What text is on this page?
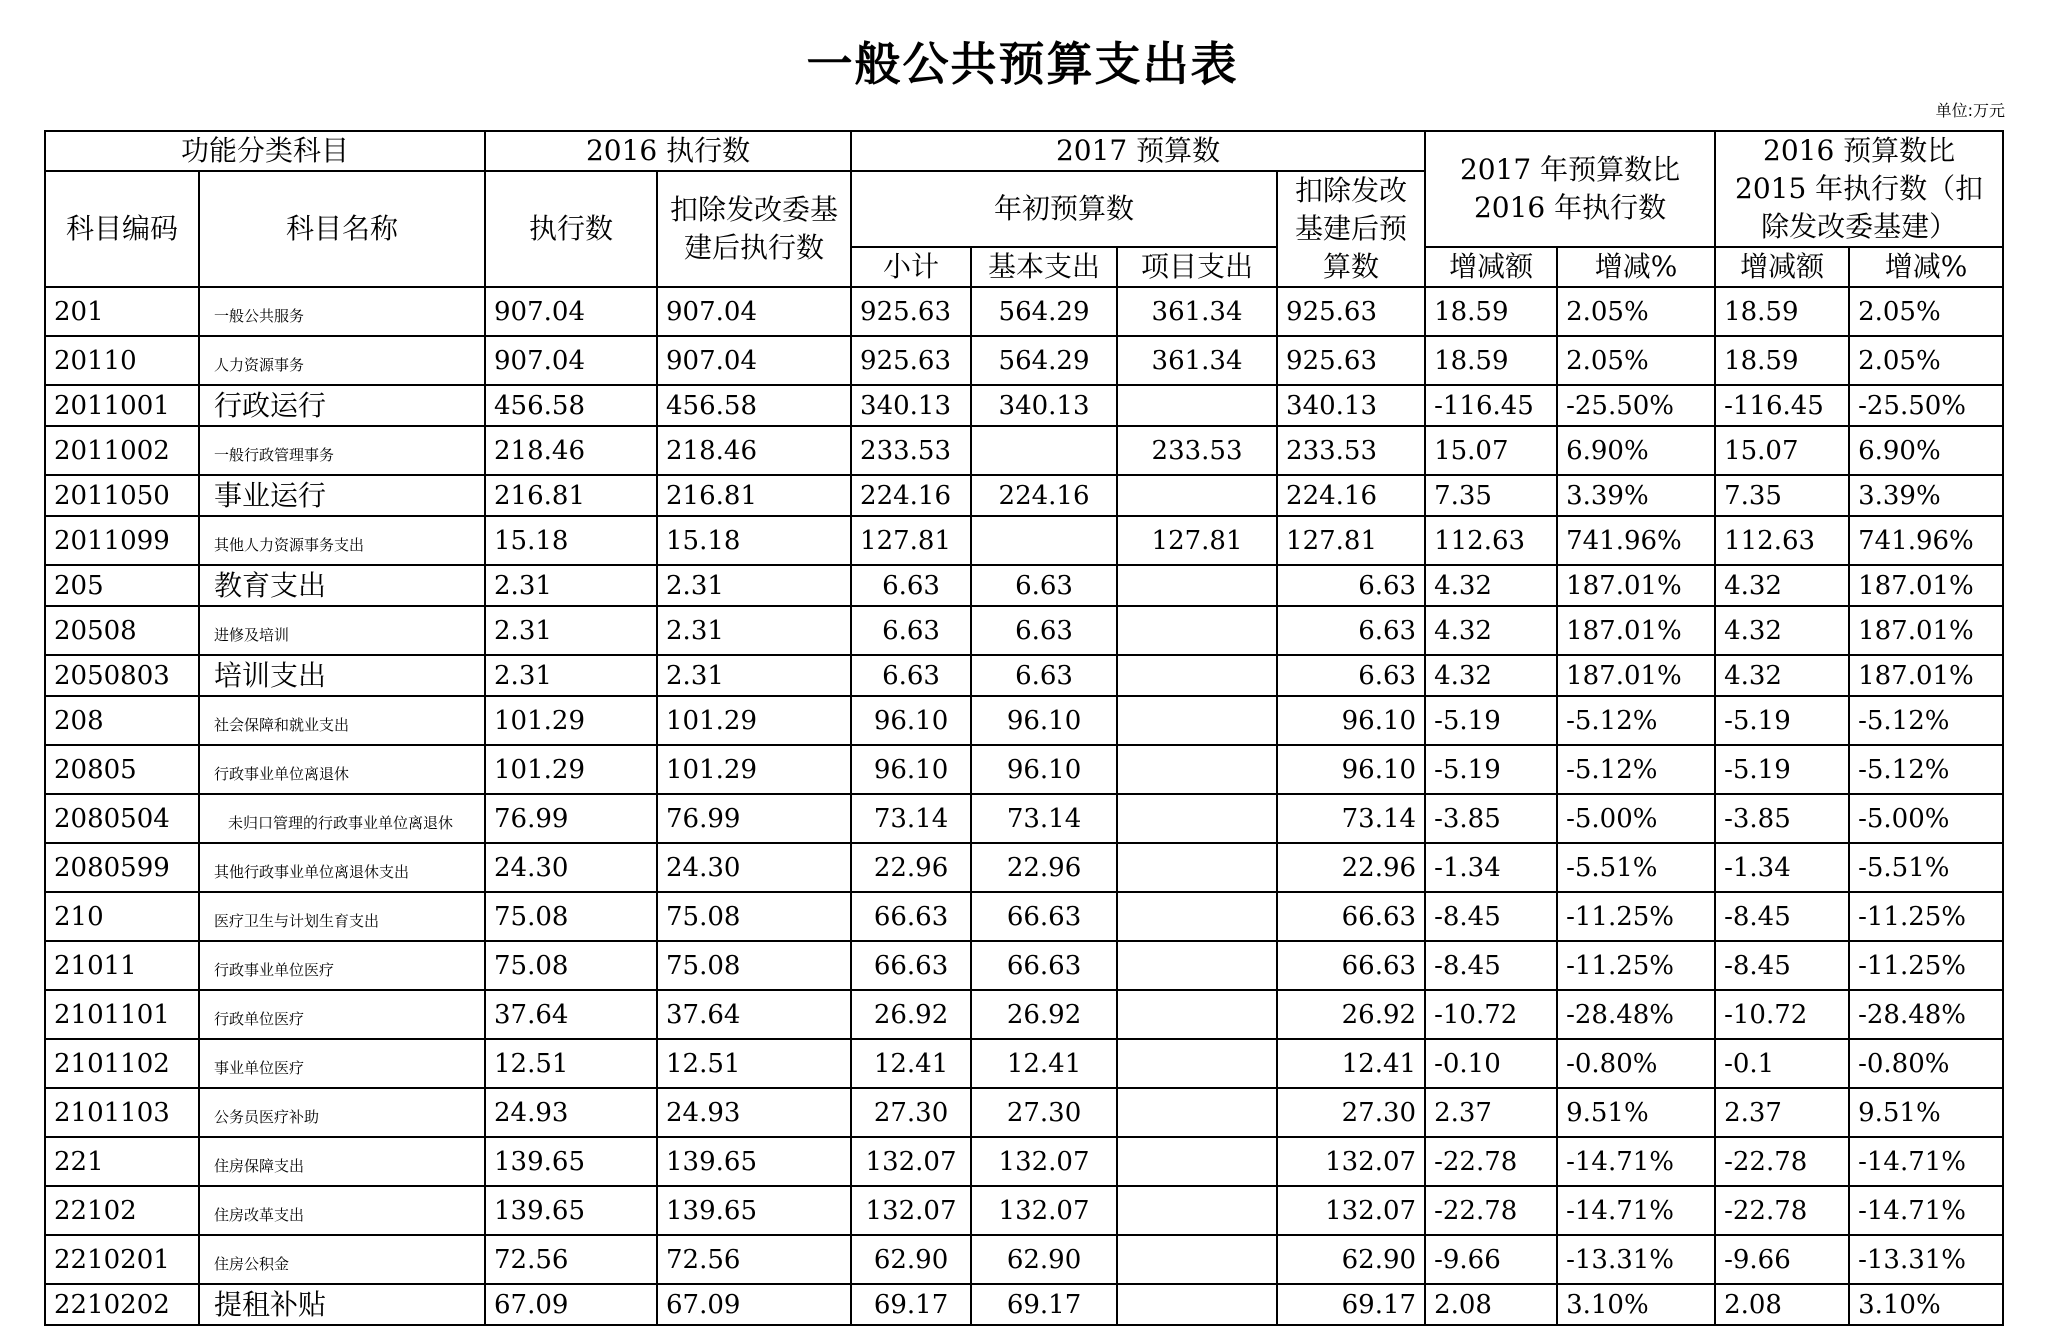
一般公共预算支出表
单位:万元
功能分类科目		2016 执行数		2017 预算数				2017 年预算数比 2016 年执行数		2016 预算数比 2015 年执行数（扣除发改委基建）	
科目编码	科目名称	执行数	扣除发改委基建后执行数	年初预算数			扣除发改基建后预算数				
				小计	基本支出	项目支出		增减额	增减%	增减额	增减%
201	一般公共服务	907.04	907.04	925.63	564.29	361.34	925.63	18.59	2.05%	18.59	2.05%
20110	人力资源事务	907.04	907.04	925.63	564.29	361.34	925.63	18.59	2.05%	18.59	2.05%
2011001	行政运行	456.58	456.58	340.13	340.13		340.13	-116.45	-25.50%	-116.45	-25.50%
2011002	一般行政管理事务	218.46	218.46	233.53		233.53	233.53	15.07	6.90%	15.07	6.90%
2011050	事业运行	216.81	216.81	224.16	224.16		224.16	7.35	3.39%	7.35	3.39%
2011099	其他人力资源事务支出	15.18	15.18	127.81		127.81	127.81	112.63	741.96%	112.63	741.96%
205	教育支出	2.31	2.31	6.63	6.63		6.63	4.32	187.01%	4.32	187.01%
20508	进修及培训	2.31	2.31	6.63	6.63		6.63	4.32	187.01%	4.32	187.01%
2050803	培训支出	2.31	2.31	6.63	6.63		6.63	4.32	187.01%	4.32	187.01%
208	社会保障和就业支出	101.29	101.29	96.10	96.10		96.10	-5.19	-5.12%	-5.19	-5.12%
20805	行政事业单位离退休	101.29	101.29	96.10	96.10		96.10	-5.19	-5.12%	-5.19	-5.12%
2080504	未归口管理的行政事业单位离退休	76.99	76.99	73.14	73.14		73.14	-3.85	-5.00%	-3.85	-5.00%
2080599	其他行政事业单位离退休支出	24.30	24.30	22.96	22.96		22.96	-1.34	-5.51%	-1.34	-5.51%
210	医疗卫生与计划生育支出	75.08	75.08	66.63	66.63		66.63	-8.45	-11.25%	-8.45	-11.25%
21011	行政事业单位医疗	75.08	75.08	66.63	66.63		66.63	-8.45	-11.25%	-8.45	-11.25%
2101101	行政单位医疗	37.64	37.64	26.92	26.92		26.92	-10.72	-28.48%	-10.72	-28.48%
2101102	事业单位医疗	12.51	12.51	12.41	12.41		12.41	-0.10	-0.80%	-0.1	-0.80%
2101103	公务员医疗补助	24.93	24.93	27.30	27.30		27.30	2.37	9.51%	2.37	9.51%
221	住房保障支出	139.65	139.65	132.07	132.07		132.07	-22.78	-14.71%	-22.78	-14.71%
22102	住房改革支出	139.65	139.65	132.07	132.07		132.07	-22.78	-14.71%	-22.78	-14.71%
2210201	住房公积金	72.56	72.56	62.90	62.90		62.90	-9.66	-13.31%	-9.66	-13.31%
2210202	提租补贴	67.09	67.09	69.17	69.17		69.17	2.08	3.10%	2.08	3.10%
